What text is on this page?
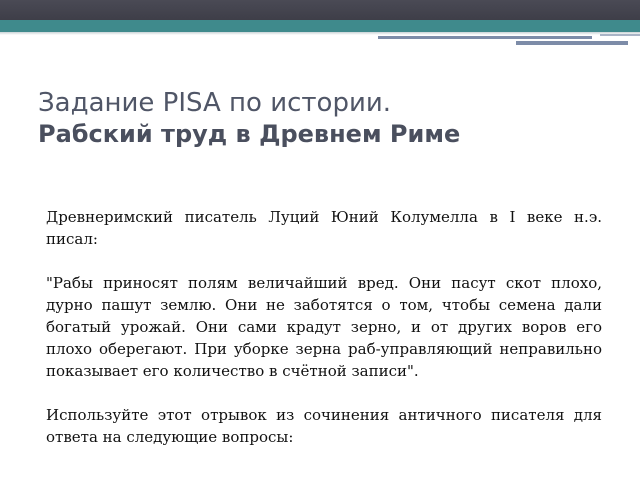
Задание PISA по истории.
Рабский труд в Древнем Риме

Древнеримский писатель Луций Юний Колумелла в I веке н.э. писал:

"Рабы приносят полям величайший вред. Они пасут скот плохо, дурно пашут землю. Они не заботятся о том, чтобы семена дали богатый урожай. Они сами крадут зерно, и от других воров его плохо оберегают. При уборке зерна раб-управляющий неправильно показывает его количество в счётной записи".

Используйте этот отрывок из сочинения античного писателя для ответа на следующие вопросы:
